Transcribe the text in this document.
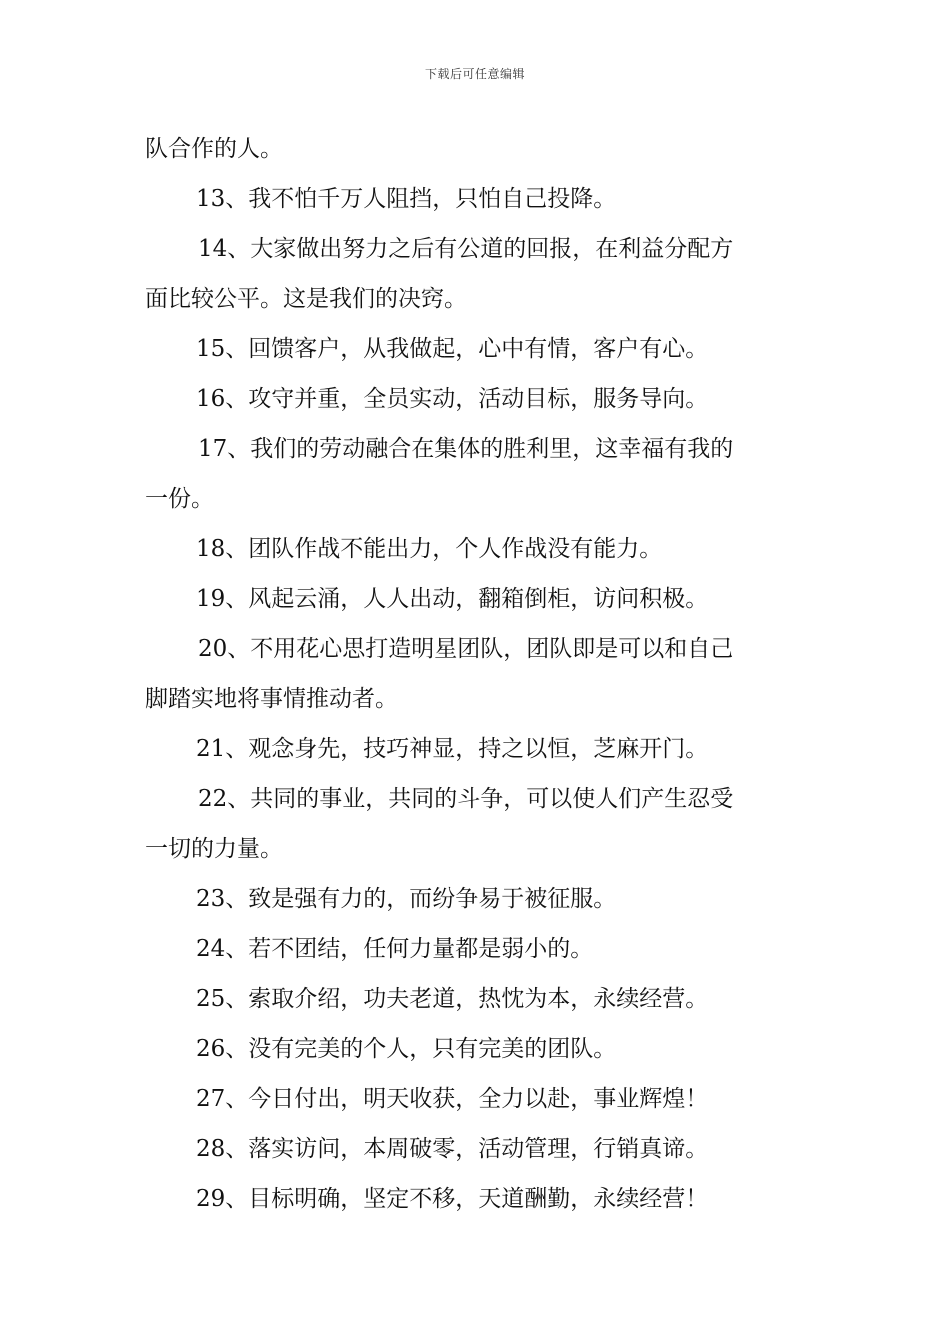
下载后可任意编辑
队合作的人。
13、我不怕千万人阻挡，只怕自己投降。
14、大家做出努力之后有公道的回报，在利益分配方
面比较公平。这是我们的决窍。
15、回馈客户，从我做起，心中有情，客户有心。
16、攻守并重，全员实动，活动目标，服务导向。
17、我们的劳动融合在集体的胜利里，这幸福有我的
一份。
18、团队作战不能出力，个人作战没有能力。
19、风起云涌，人人出动，翻箱倒柜，访问积极。
20、不用花心思打造明星团队，团队即是可以和自己
脚踏实地将事情推动者。
21、观念身先，技巧神显，持之以恒，芝麻开门。
22、共同的事业，共同的斗争，可以使人们产生忍受
一切的力量。
23、致是强有力的，而纷争易于被征服。
24、若不团结，任何力量都是弱小的。
25、索取介绍，功夫老道，热忱为本，永续经营。
26、没有完美的个人，只有完美的团队。
27、今日付出，明天收获，全力以赴，事业辉煌！
28、落实访问，本周破零，活动管理，行销真谛。
29、目标明确，坚定不移，天道酬勤，永续经营！
